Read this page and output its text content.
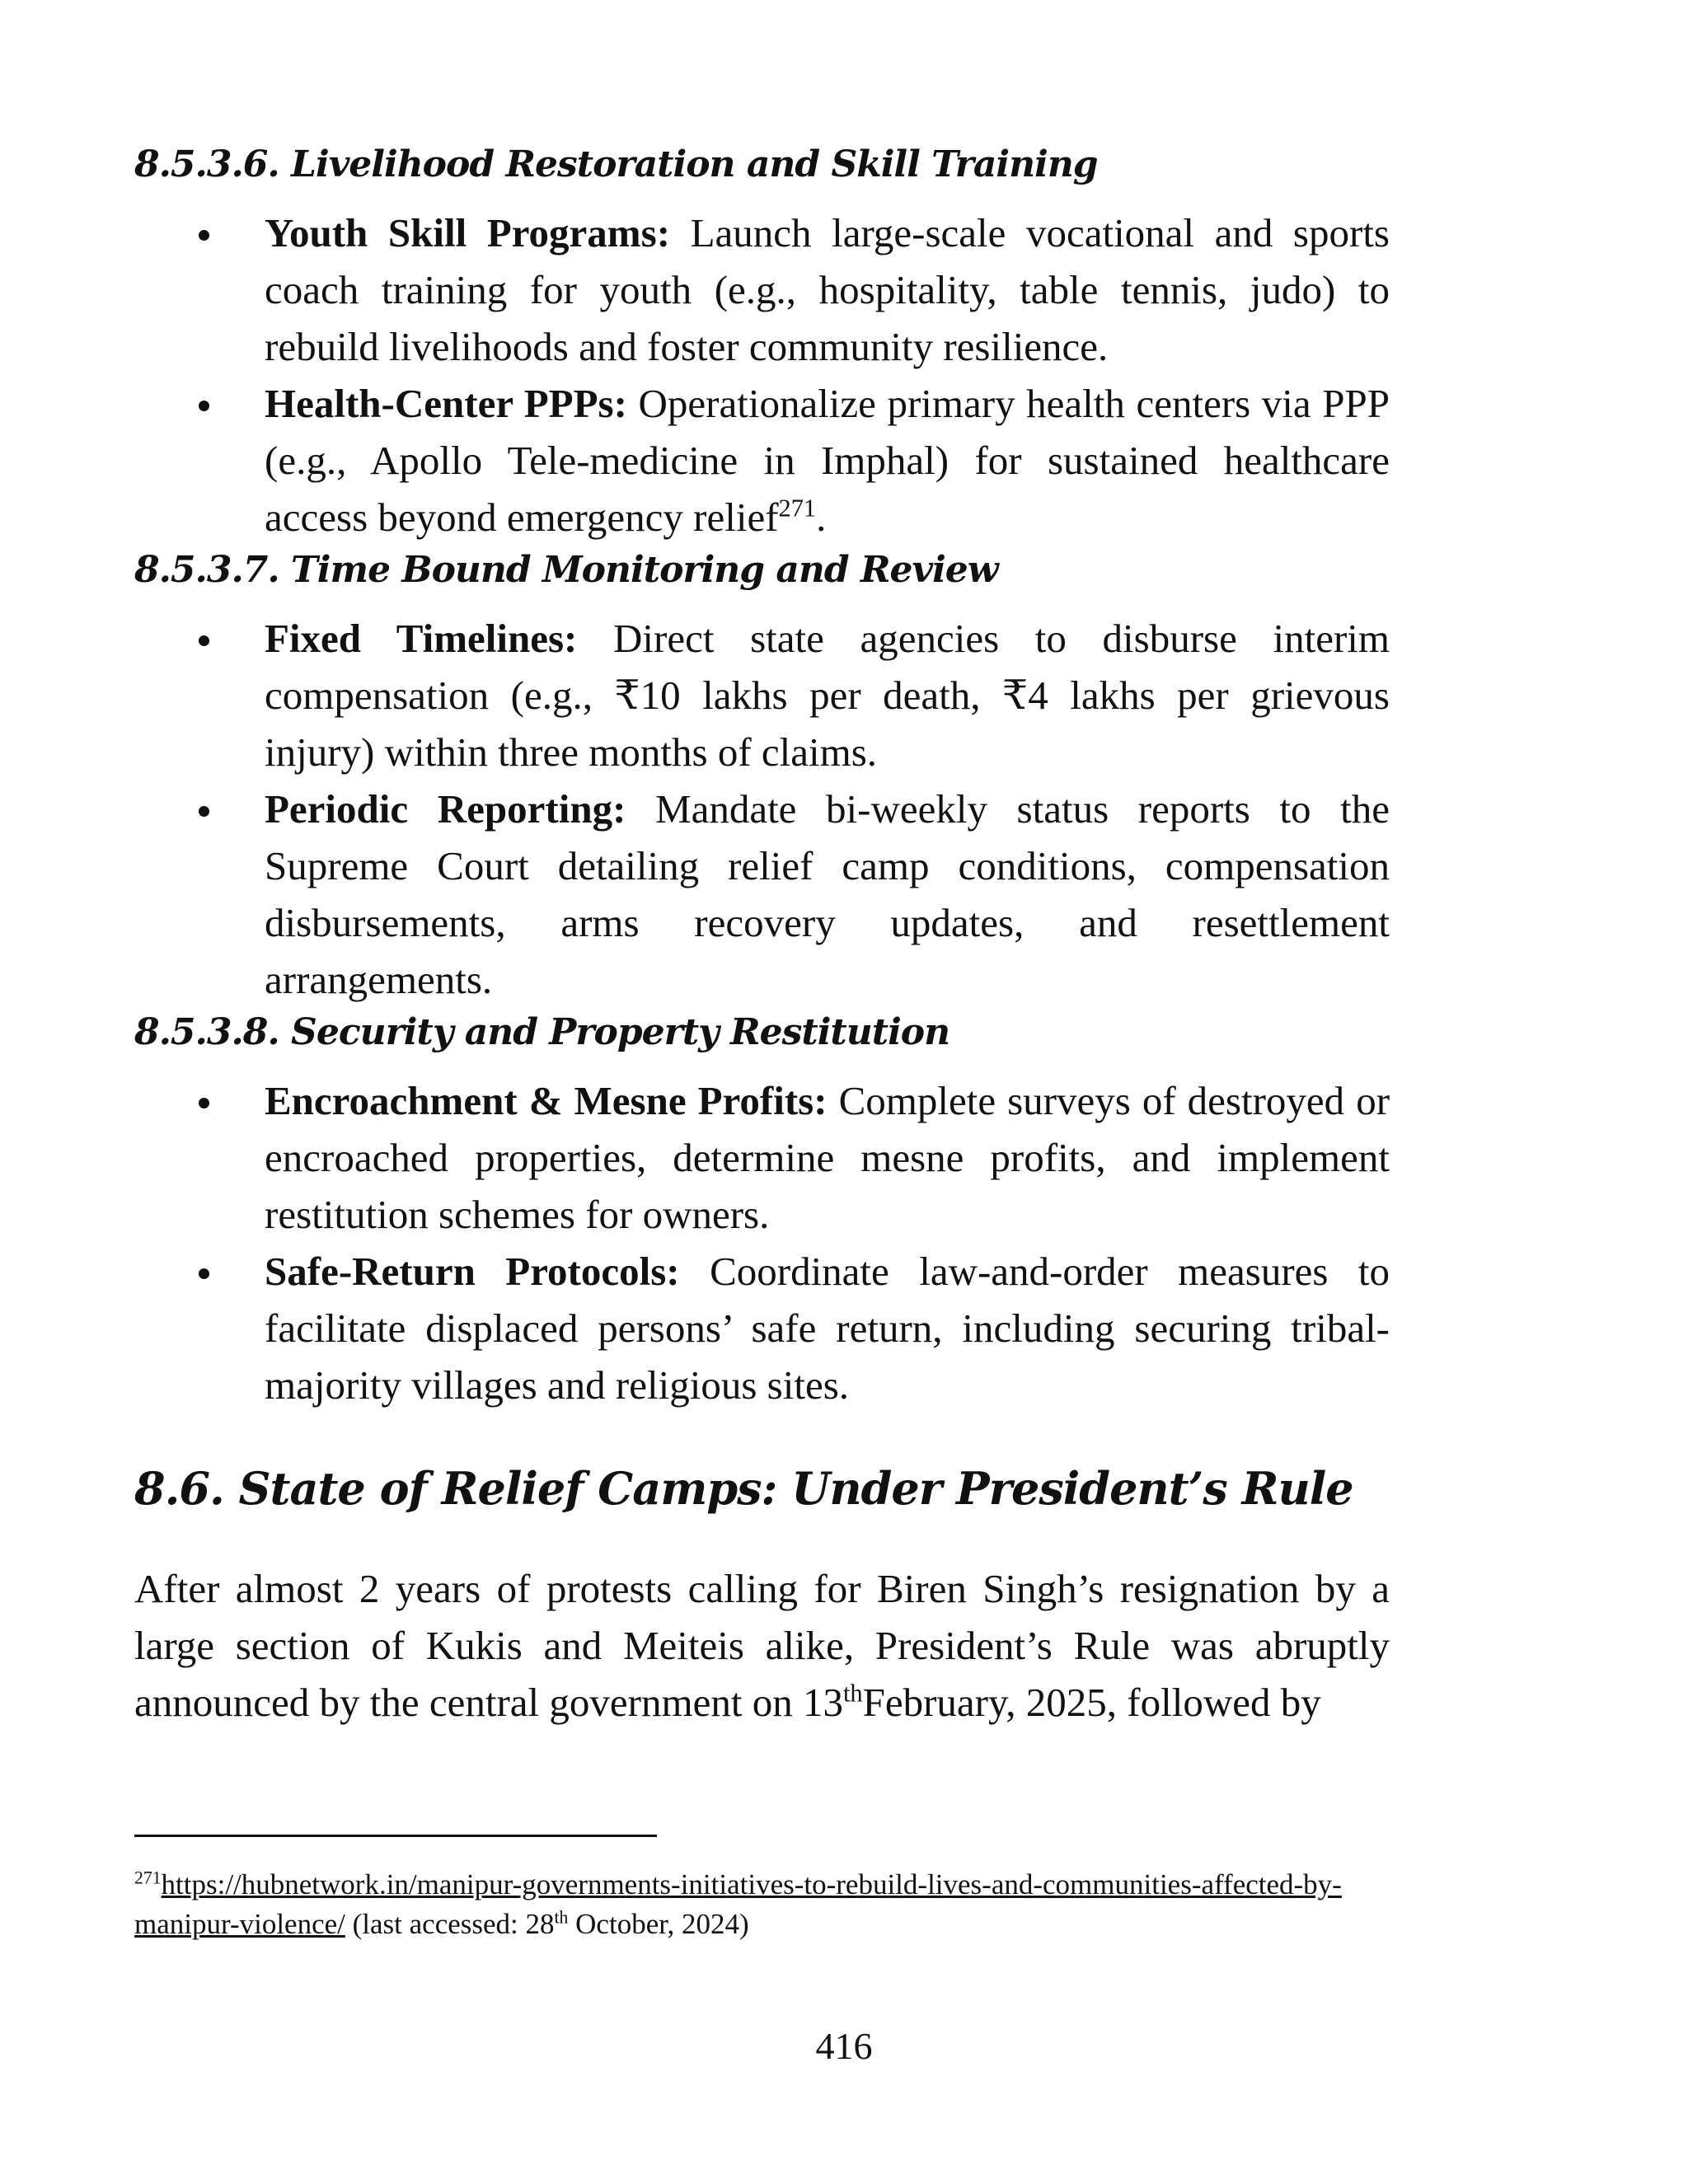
8.5.3.6. Livelihood Restoration and Skill Training
Youth Skill Programs: Launch large-scale vocational and sports coach training for youth (e.g., hospitality, table tennis, judo) to rebuild livelihoods and foster community resilience.
Health-Center PPPs: Operationalize primary health centers via PPP (e.g., Apollo Tele-medicine in Imphal) for sustained healthcare access beyond emergency relief$^{271}$.
8.5.3.7. Time Bound Monitoring and Review
Fixed Timelines: Direct state agencies to disburse interim compensation (e.g., ₹10 lakhs per death, ₹4 lakhs per grievous injury) within three months of claims.
Periodic Reporting: Mandate bi-weekly status reports to the Supreme Court detailing relief camp conditions, compensation disbursements, arms recovery updates, and resettlement arrangements.
8.5.3.8. Security and Property Restitution
Encroachment & Mesne Profits: Complete surveys of destroyed or encroached properties, determine mesne profits, and implement restitution schemes for owners.
Safe-Return Protocols: Coordinate law-and-order measures to facilitate displaced persons’ safe return, including securing tribal-majority villages and religious sites.
8.6. State of Relief Camps: Under President’s Rule

After almost 2 years of protests calling for Biren Singh’s resignation by a large section of Kukis and Meiteis alike, President’s Rule was abruptly announced by the central government on 13thFebruary, 2025, followed by

$^{271}$https://hubnetwork.in/manipur-governments-initiatives-to-rebuild-lives-and-communities-affected-by-manipur-violence/ (last accessed: 28th October, 2024)
416
